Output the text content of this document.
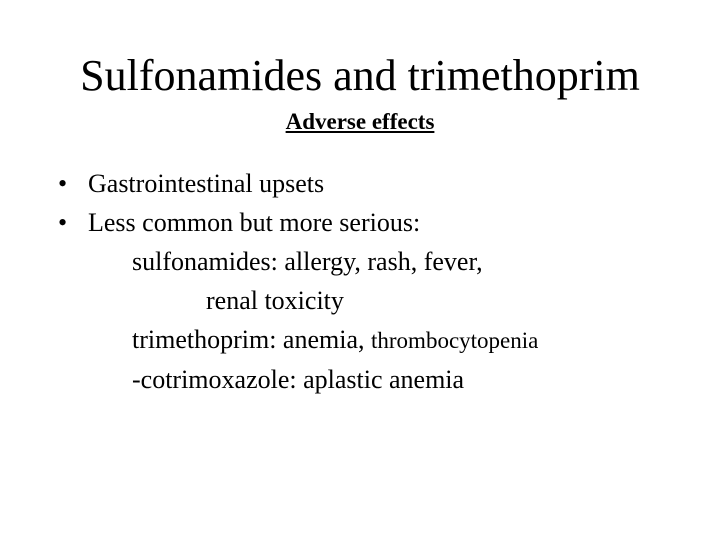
Sulfonamides and trimethoprim
Adverse effects
• Gastrointestinal upsets
• Less common but more serious:
sulfonamides: allergy, rash, fever,
renal toxicity
trimethoprim: anemia, thrombocytopenia
-cotrimoxazole: aplastic anemia
